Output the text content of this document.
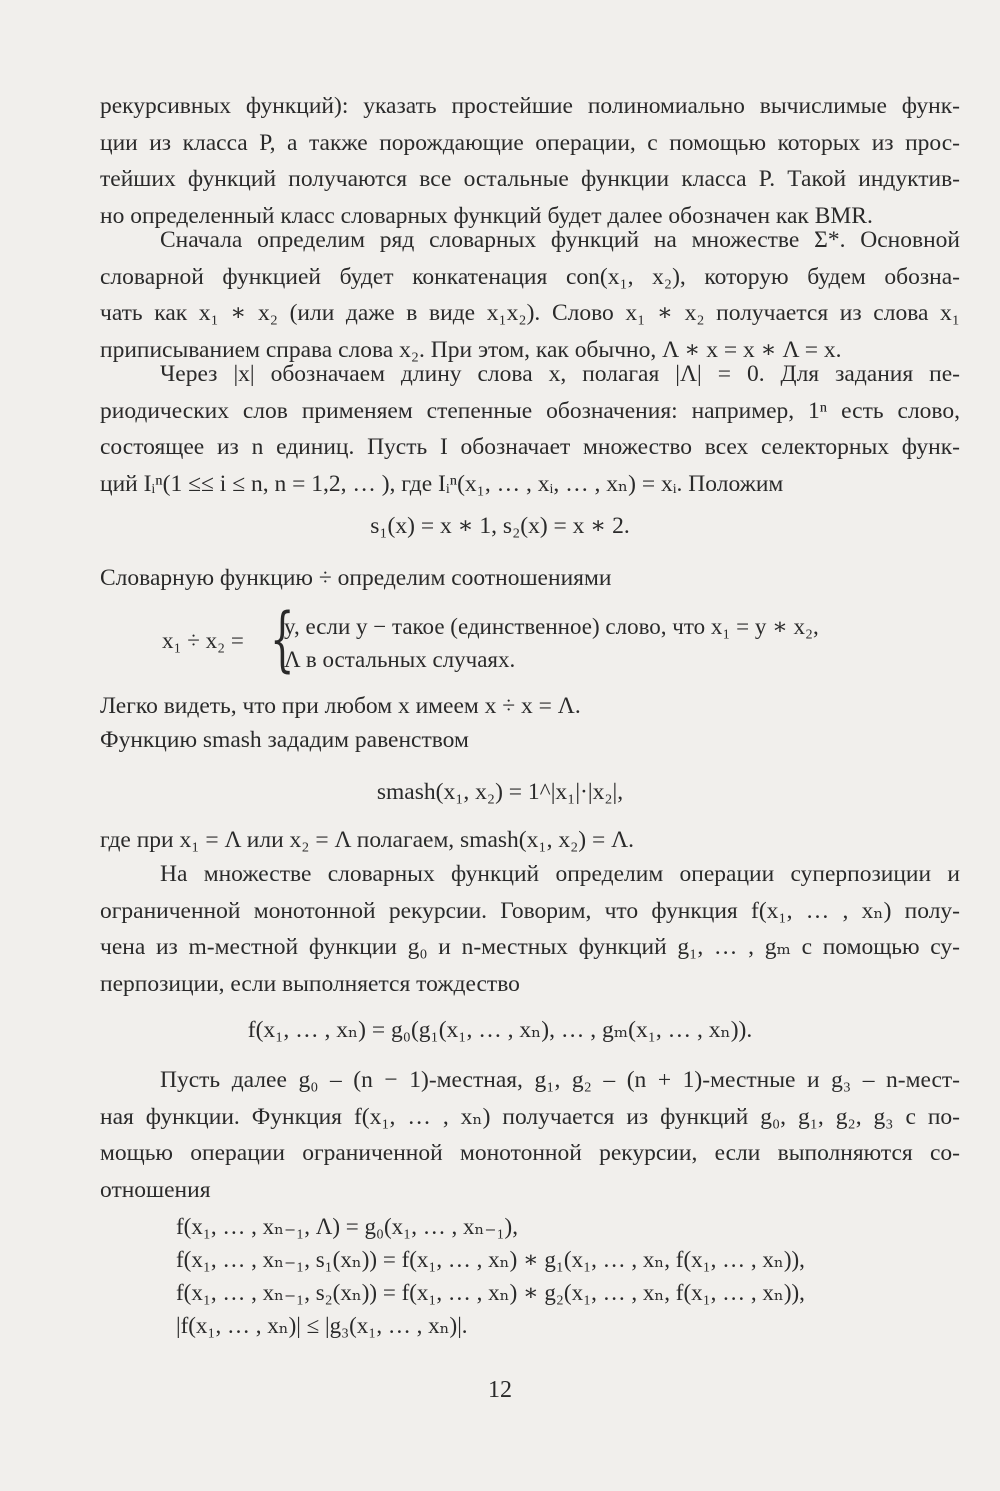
рекурсивных функций): указать простейшие полиномиально вычислимые функ-
ции из класса P, а также порождающие операции, с помощью которых из прос-
тейших функций получаются все остальные функции класса P. Такой индуктив-
но определенный класс словарных функций будет далее обозначен как BMR.
Сначала определим ряд словарных функций на множестве Σ*. Основной
словарной функцией будет конкатенация con(x₁, x₂), которую будем обозна-
чать как x₁ ∗ x₂ (или даже в виде x₁x₂). Слово x₁ ∗ x₂ получается из слова x₁
приписыванием справа слова x₂. При этом, как обычно, Λ ∗ x = x ∗ Λ = x.
Через |x| обозначаем длину слова x, полагая |Λ| = 0. Для задания пе-
риодических слов применяем степенные обозначения: например, 1ⁿ есть слово,
состоящее из n единиц. Пусть I обозначает множество всех селекторных функ-
ций Iᵢⁿ(1 ≤≤ i ≤ n, n = 1,2, … ), где Iᵢⁿ(x₁, … , xᵢ, … , xₙ) = xᵢ. Положим
s₁(x) = x ∗ 1, s₂(x) = x ∗ 2.
Словарную функцию ÷ определим соотношениями
x₁ ÷ x₂ = {
y, если y − такое (единственное) слово, что x₁ = y ∗ x₂,
Λ в остальных случаях.
Легко видеть, что при любом x имеем x ÷ x = Λ.
Функцию smash зададим равенством
smash(x₁, x₂) = 1^|x₁|·|x₂|,
где при x₁ = Λ или x₂ = Λ полагаем, smash(x₁, x₂) = Λ.
На множестве словарных функций определим операции суперпозиции и
ограниченной монотонной рекурсии. Говорим, что функция f(x₁, … , xₙ) полу-
чена из m-местной функции g₀ и n-местных функций g₁, … , gₘ с помощью су-
перпозиции, если выполняется тождество
f(x₁, … , xₙ) = g₀(g₁(x₁, … , xₙ), … , gₘ(x₁, … , xₙ)).
Пусть далее g₀ – (n − 1)-местная, g₁, g₂ – (n + 1)-местные и g₃ – n-мест-
ная функции. Функция f(x₁, … , xₙ) получается из функций g₀, g₁, g₂, g₃ с по-
мощью операции ограниченной монотонной рекурсии, если выполняются со-
отношения
f(x₁, … , xₙ₋₁, Λ) = g₀(x₁, … , xₙ₋₁),
f(x₁, … , xₙ₋₁, s₁(xₙ)) = f(x₁, … , xₙ) ∗ g₁(x₁, … , xₙ, f(x₁, … , xₙ)),
f(x₁, … , xₙ₋₁, s₂(xₙ)) = f(x₁, … , xₙ) ∗ g₂(x₁, … , xₙ, f(x₁, … , xₙ)),
|f(x₁, … , xₙ)| ≤ |g₃(x₁, … , xₙ)|.
12
